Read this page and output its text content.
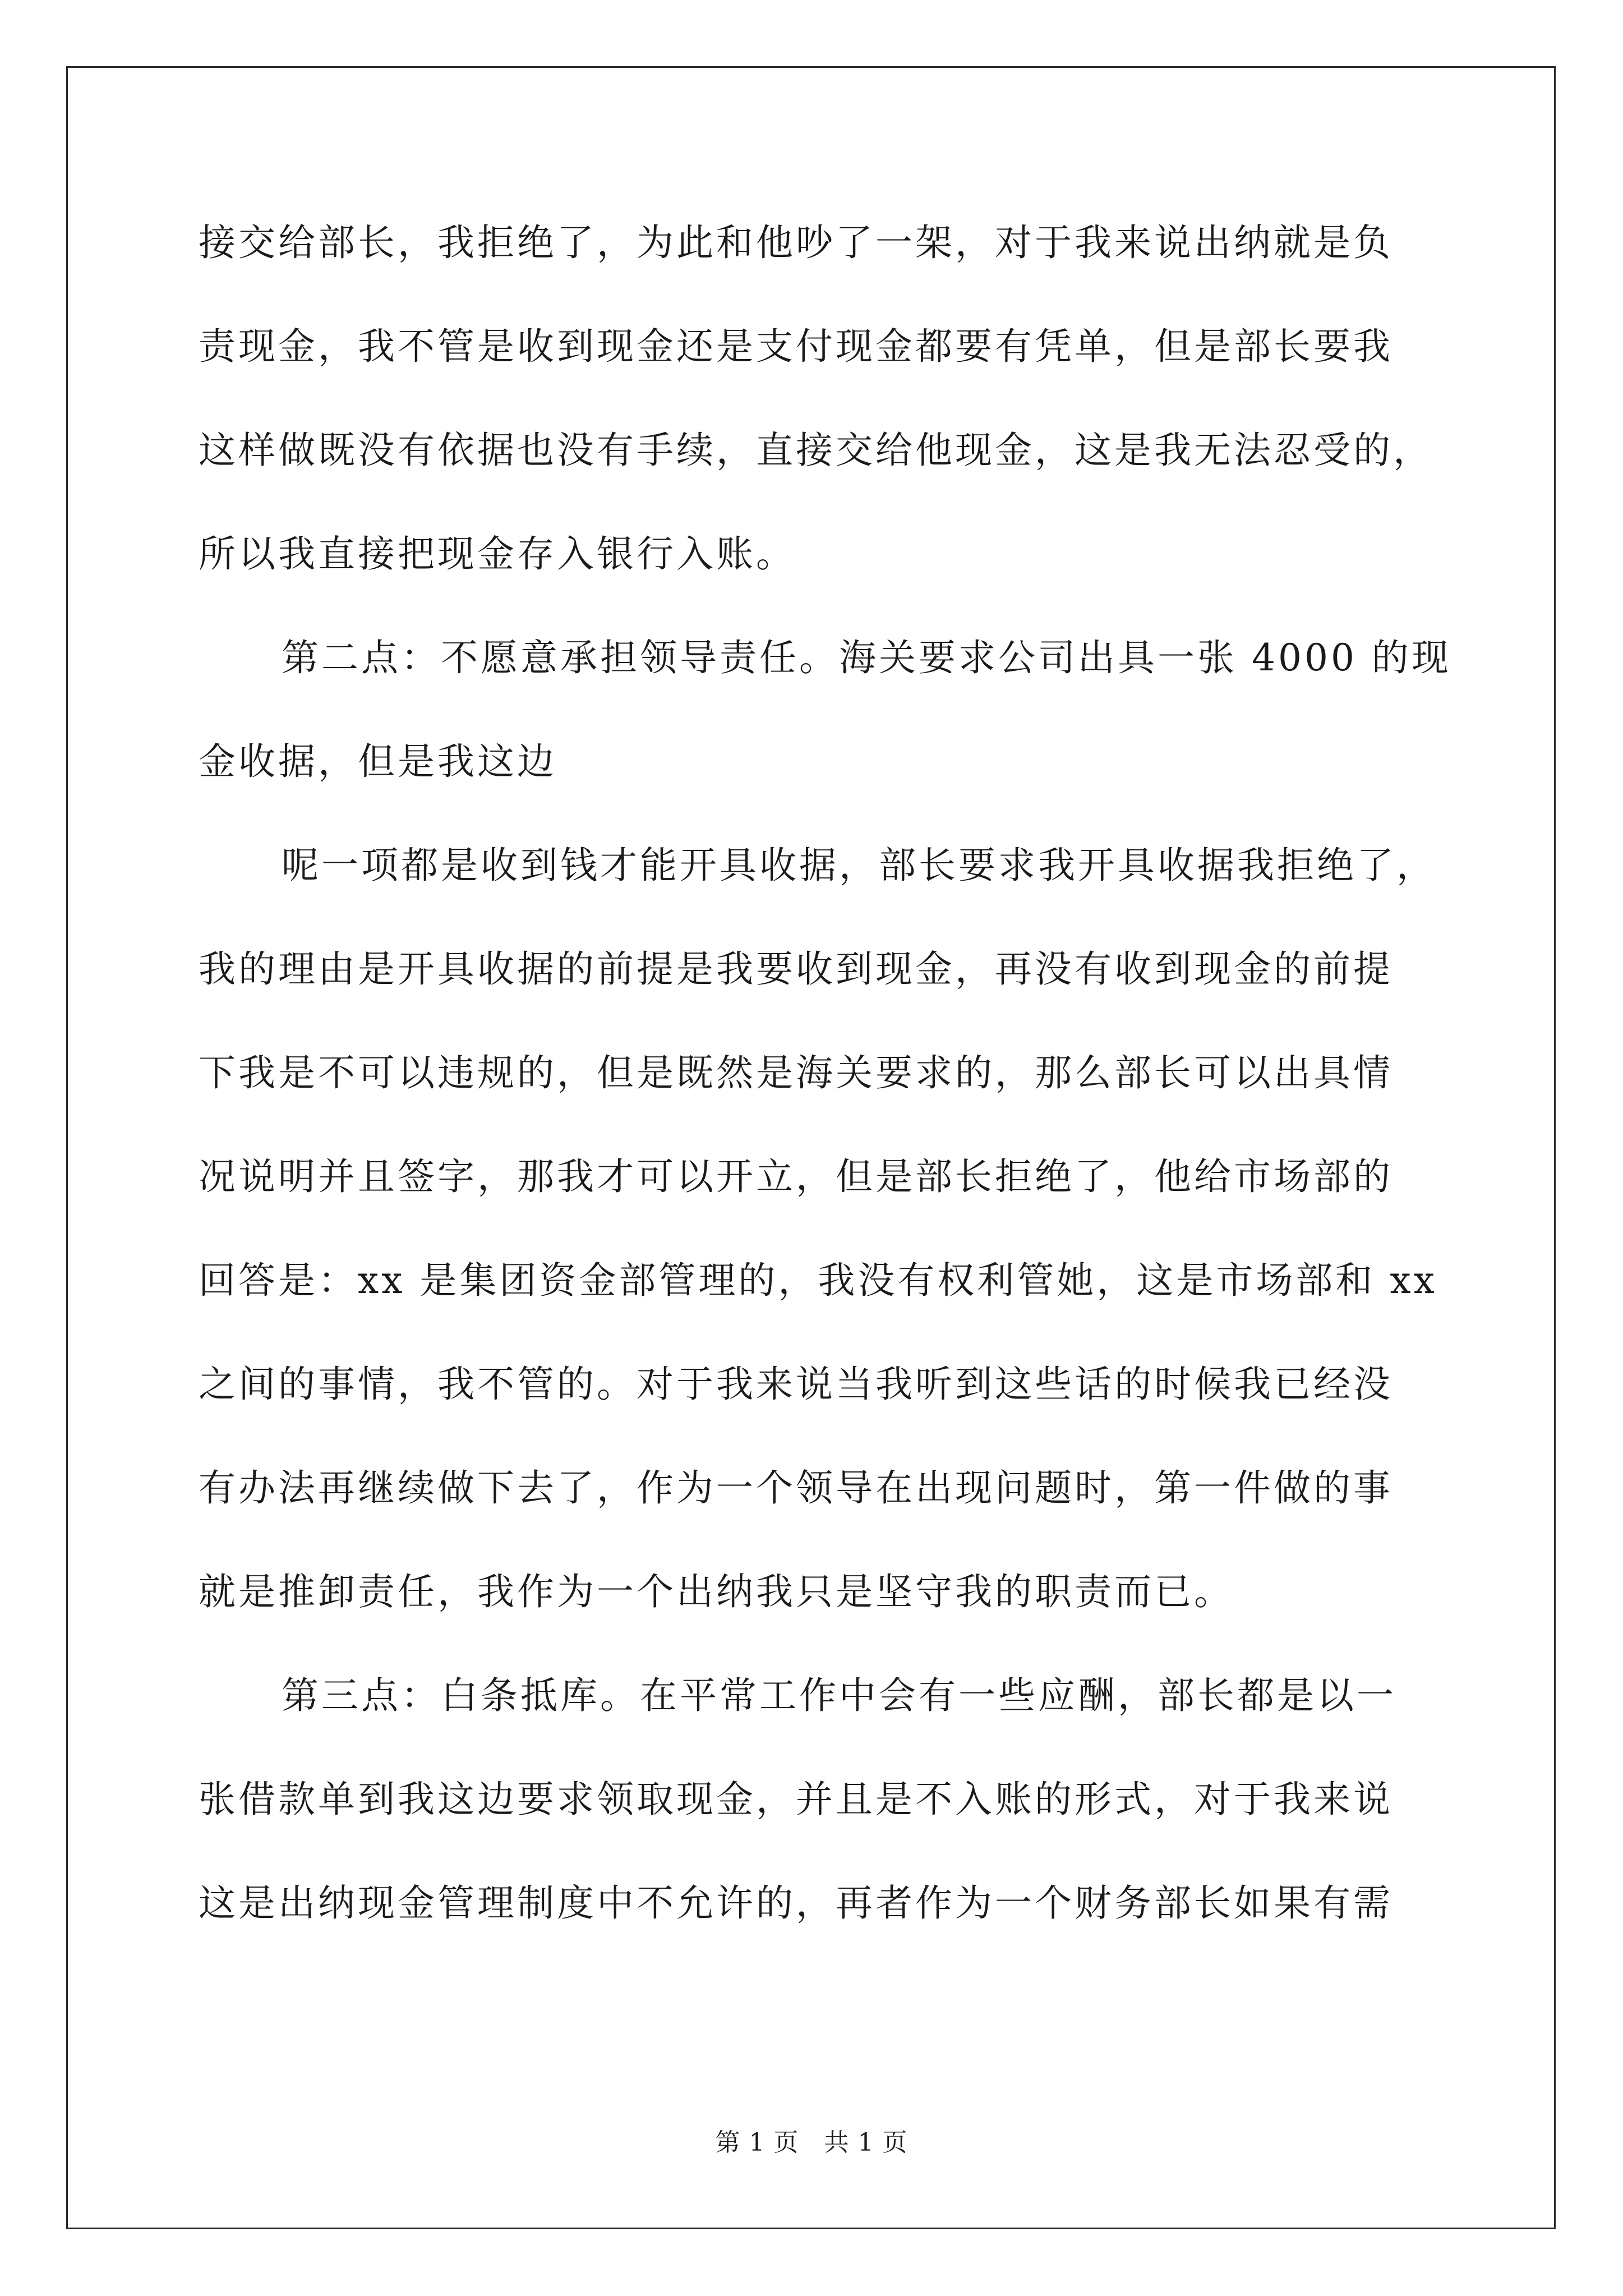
接交给部长，我拒绝了，为此和他吵了一架，对于我来说出纳就是负
责现金，我不管是收到现金还是支付现金都要有凭单，但是部长要我
这样做既没有依据也没有手续，直接交给他现金，这是我无法忍受的，
所以我直接把现金存入银行入账。
第二点：不愿意承担领导责任。海关要求公司出具一张 4000 的现
金收据，但是我这边
呢一项都是收到钱才能开具收据，部长要求我开具收据我拒绝了，
我的理由是开具收据的前提是我要收到现金，再没有收到现金的前提
下我是不可以违规的，但是既然是海关要求的，那么部长可以出具情
况说明并且签字，那我才可以开立，但是部长拒绝了，他给市场部的
回答是：xx 是集团资金部管理的，我没有权利管她，这是市场部和 xx
之间的事情，我不管的。对于我来说当我听到这些话的时候我已经没
有办法再继续做下去了，作为一个领导在出现问题时，第一件做的事
就是推卸责任，我作为一个出纳我只是坚守我的职责而已。
第三点：白条抵库。在平常工作中会有一些应酬，部长都是以一
张借款单到我这边要求领取现金，并且是不入账的形式，对于我来说
这是出纳现金管理制度中不允许的，再者作为一个财务部长如果有需
第 1 页　共 1 页
